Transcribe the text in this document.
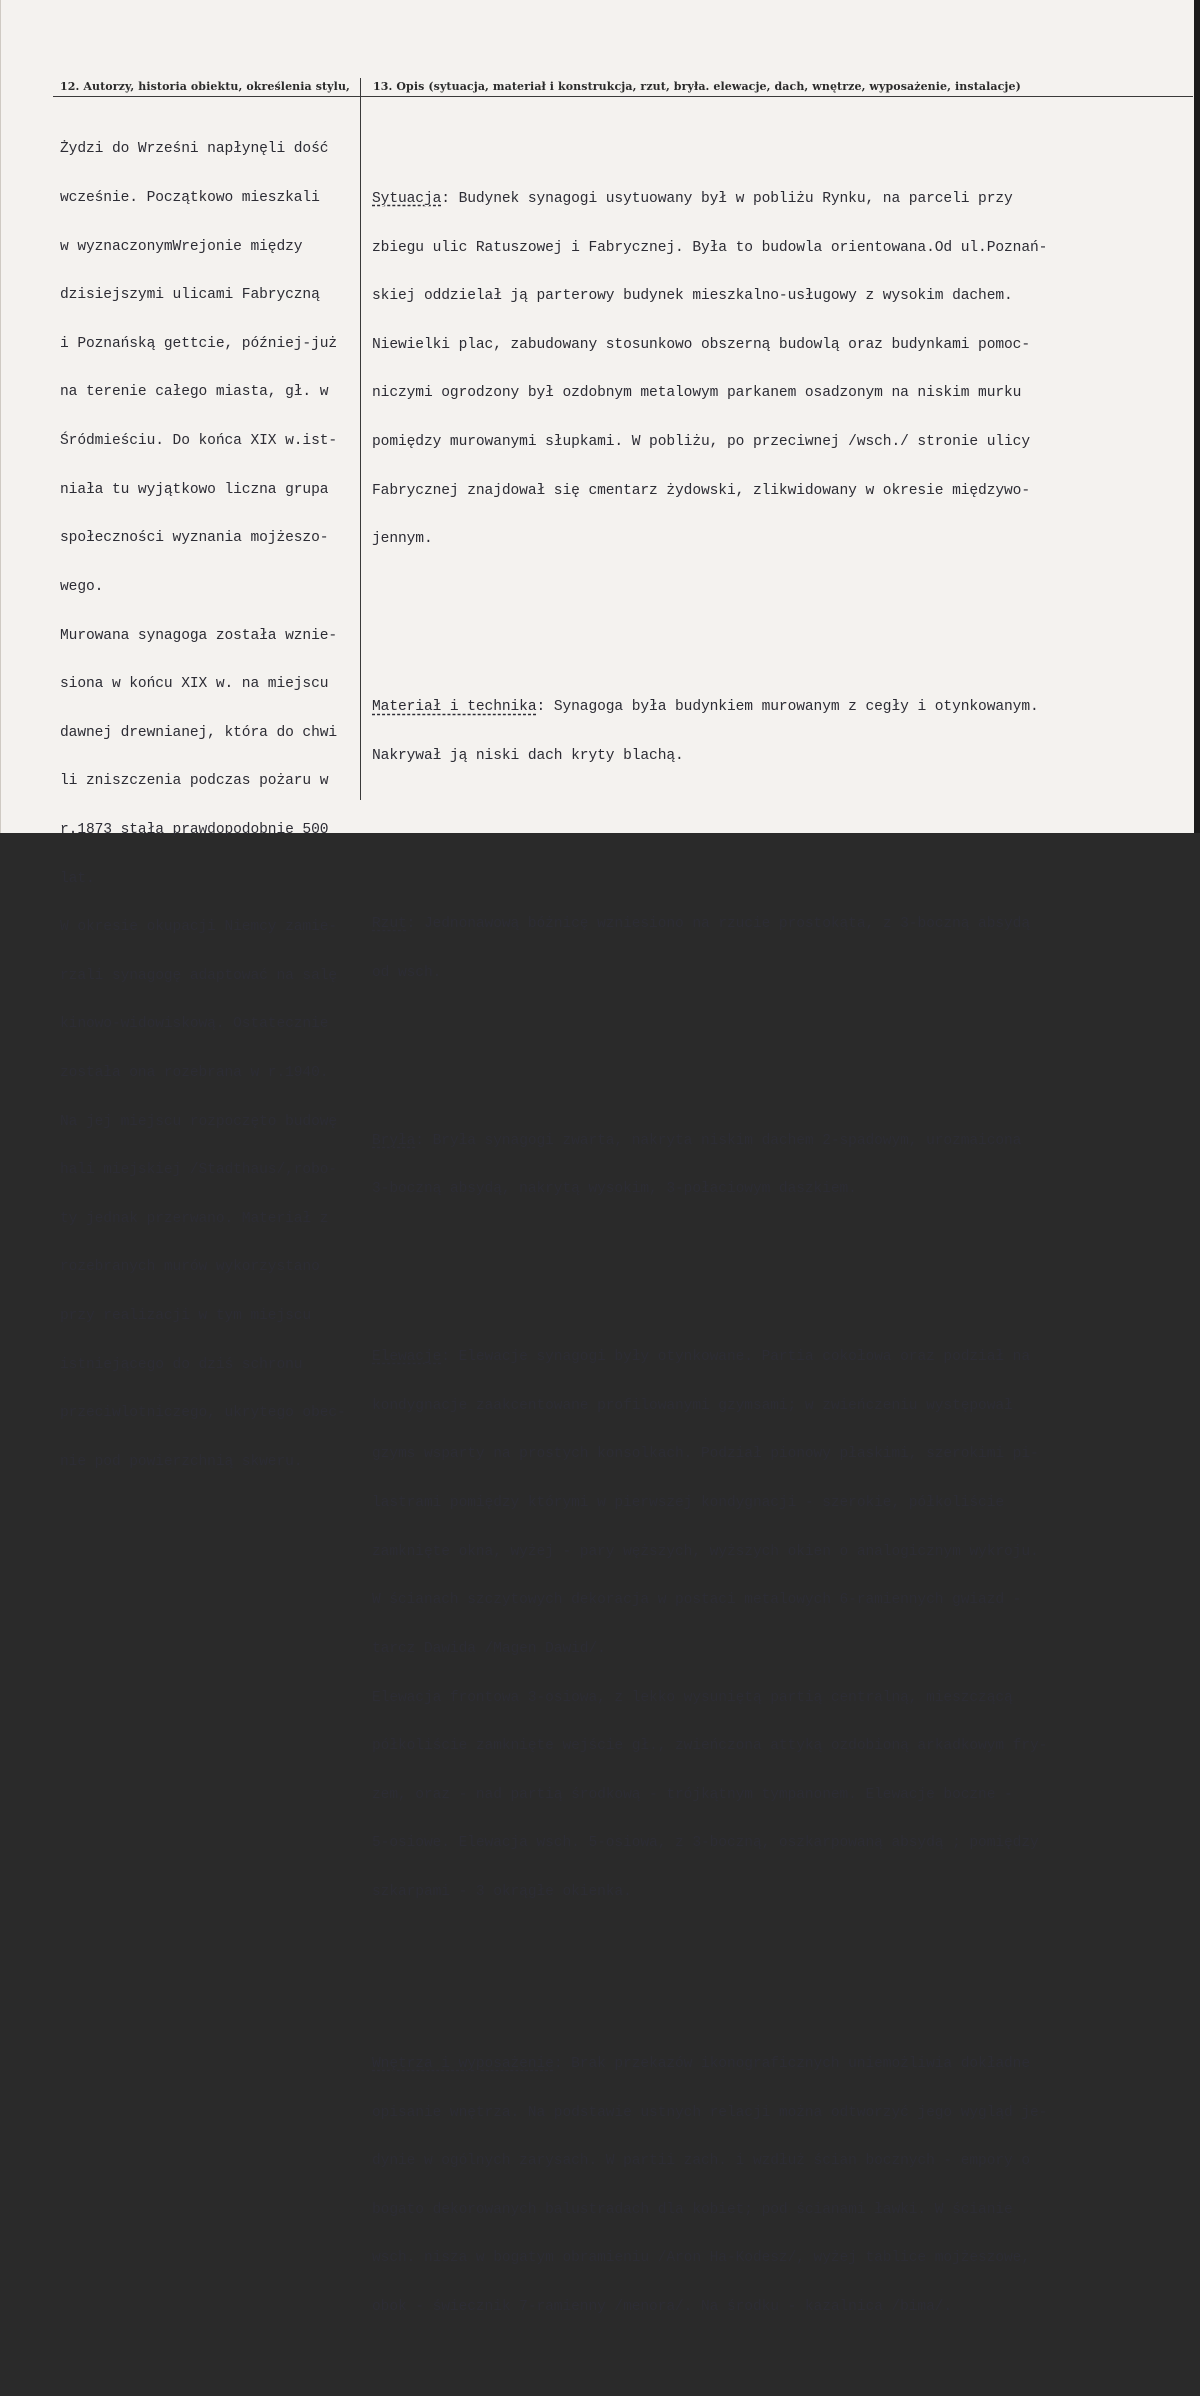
12. Autorzy, historia obiektu, określenia stylu, 13. Opis (sytuacja, materiał i konstrukcja, rzut, bryła. elewacje, dach, wnętrze, wyposażenie, instalacje)

Żydzi do Wrześni napłynęli dość

wcześnie. Początkowo mieszkali

w wyznaczonymWrejonie między

dzisiejszymi ulicami Fabryczną

i Poznańską gettcie, później-już

na terenie całego miasta, gł. w

Śródmieściu. Do końca XIX w.ist-

niała tu wyjątkowo liczna grupa

społeczności wyznania mojżeszo-

wego.

Murowana synagoga została wznie-

siona w końcu XIX w. na miejscu

dawnej drewnianej, która do chwi

li zniszczenia podczas pożaru w

r.1873 stała prawdopodobnie 500

lat.

W okresie okupacji Niemcy zamie-

rzali synagogę adaptować na salę

kinowo-widowiskową. Ostatecznie

została ona rozebrana w r.1940.

Na jej miejscu rozpoczęto budowę

hali miejskiej /Stadthaus/,robo-

ty jednak przerwano. Materiał z

rozebranych murów wykorzystano

przy realizacji w tym miejscu

istniejącego do dziś schronu

przeciwlotniczego, ukrytego obec-

nie pod powierzchnią skweru.

Sytuacja: Budynek synagogi usytuowany był w pobliżu Rynku, na parceli przy

zbiegu ulic Ratuszowej i Fabrycznej. Była to budowla orientowana.Od ul.Poznań-

skiej oddzielał ją parterowy budynek mieszkalno-usługowy z wysokim dachem.

Niewielki plac, zabudowany stosunkowo obszerną budowlą oraz budynkami pomoc-

niczymi ogrodzony był ozdobnym metalowym parkanem osadzonym na niskim murku

pomiędzy murowanymi słupkami. W pobliżu, po przeciwnej /wsch./ stronie ulicy

Fabrycznej znajdował się cmentarz żydowski, zlikwidowany w okresie międzywo-

jennym.

Materiał i technika: Synagoga była budynkiem murowanym z cegły i otynkowanym.

Nakrywał ją niski dach kryty blachą.

Rzut: Jednonawową bóżnicę wzniesiono na rzucie prostokąta, z 3-boczną absydą

od wsch.

Bryła: Bryła synagogi zwarta, nakryta niskim dachem 2-spadowym, urozmaicona

3-boczną absydą, nakrytą wysokim, 3-połaciowym daszkiem.

Elewacje: Elewacje synagogi były otynkowane. Partia cokołowa oraz podział na

kondygnacje zaakcentowane profilowanymi gzymsami; w zwieńczeniu występował

gzyms wsparty na prostych konsolkach. Podział pionowy płaskimi, szerokimi pi-

lastrami pomiędzy którymi w pierwszej kondygnacji - szerokie, półkoliście

zamknięte okna, wyżej - pary węższych, wyższych okien o analogicznym wykroju.

W ścianach szczytowych dekoracja w postaci metalowych 6-ramiennych gwiazd -

tarcz Dawida /Magen Dawid/.

Elewacja frontowa 3-osiowa, z lekko wysuniętą partią centralną, mieszczącą

półkoliście zamknięte wejście gł., zwieńczona attyką ozdobioną arkadkowym fry-

zem, oraz - nad partią środkową - trójkątnym tympanonem. Elewacje boczne -

5-osiowe. Elewacja wsch. 5-osiowa, z 3-boczną, oszkarpowaną absydą ; pomiędzy

szkarpami - 3 okrągłe okienka.

Wnętrza i wyposażenie: Brak przekazów ikonograficznych uniemożliwia dokładne

opisanie wnętrza. Na podstawie ustnych relacji można odtworzyć jego wygląd je-

dynie w ogólnych zarysach. W partii zach. i wzdłuż ścian bocznych - empory o

bogato dekorowanych balustradach dla kobiet; pod ścianami ławki. W ścianie

wsch. nisza w bogatym obramieniu /Aron Ha-Kodesz/, wyżej tablice mojżeszowe,

obok - świecznik 7-ramienny /menora/. Na środku - kazalnica /bima/.
